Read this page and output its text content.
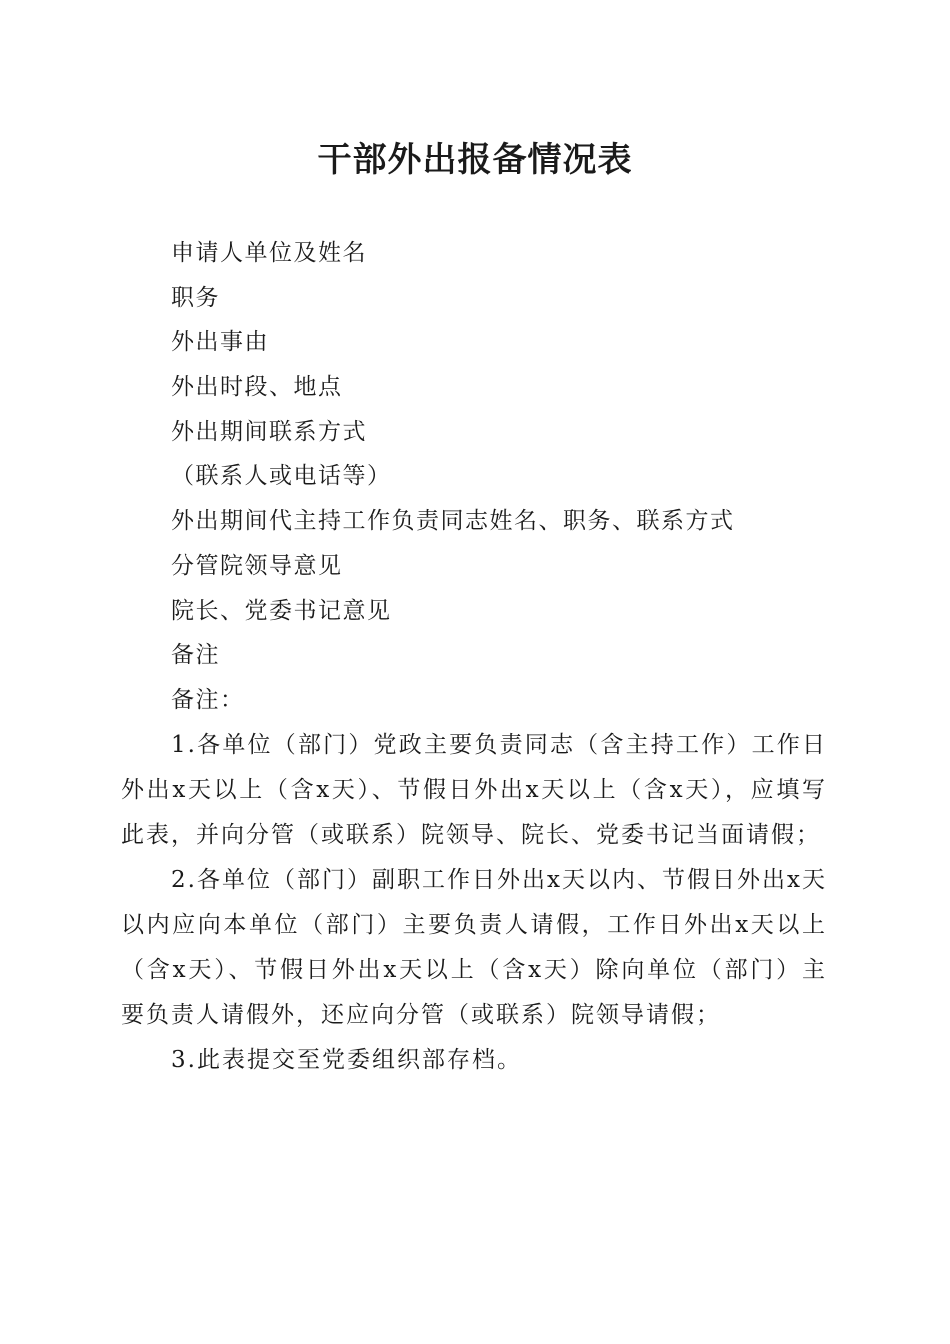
干部外出报备情况表
申请人单位及姓名
职务
外出事由
外出时段、地点
外出期间联系方式
（联系人或电话等）
外出期间代主持工作负责同志姓名、职务、联系方式
分管院领导意见
院长、党委书记意见
备注
备注：

1.各单位（部门）党政主要负责同志（含主持工作）工作日外出x天以上（含x天）、节假日外出x天以上（含x天），应填写此表，并向分管（或联系）院领导、院长、党委书记当面请假；

2.各单位（部门）副职工作日外出x天以内、节假日外出x天以内应向本单位（部门）主要负责人请假，工作日外出x天以上（含x天）、节假日外出x天以上（含x天）除向单位（部门）主要负责人请假外，还应向分管（或联系）院领导请假；

3.此表提交至党委组织部存档。
